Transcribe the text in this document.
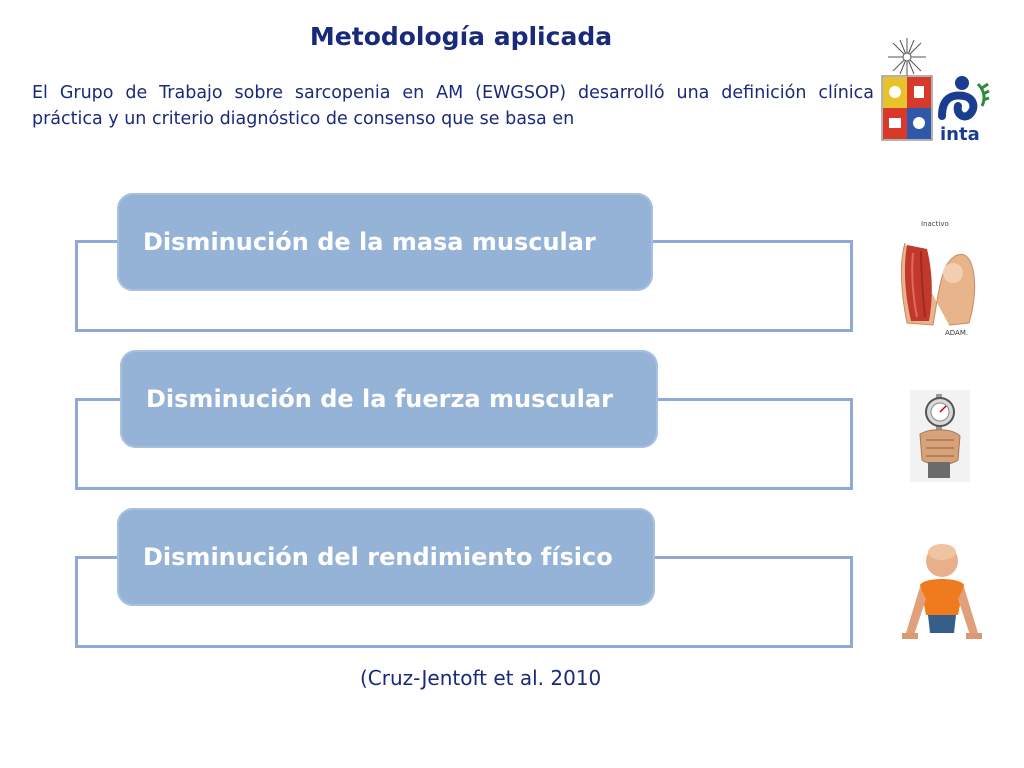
Metodología aplicada
El Grupo de Trabajo sobre sarcopenia en AM (EWGSOP) desarrolló una definición clínica práctica y un criterio diagnóstico de consenso que se basa en
inta
Disminución de la masa muscular
Disminución de la fuerza muscular
Disminución del rendimiento físico
Inactivo
ADAM.
(Cruz-Jentoft et al. 2010
